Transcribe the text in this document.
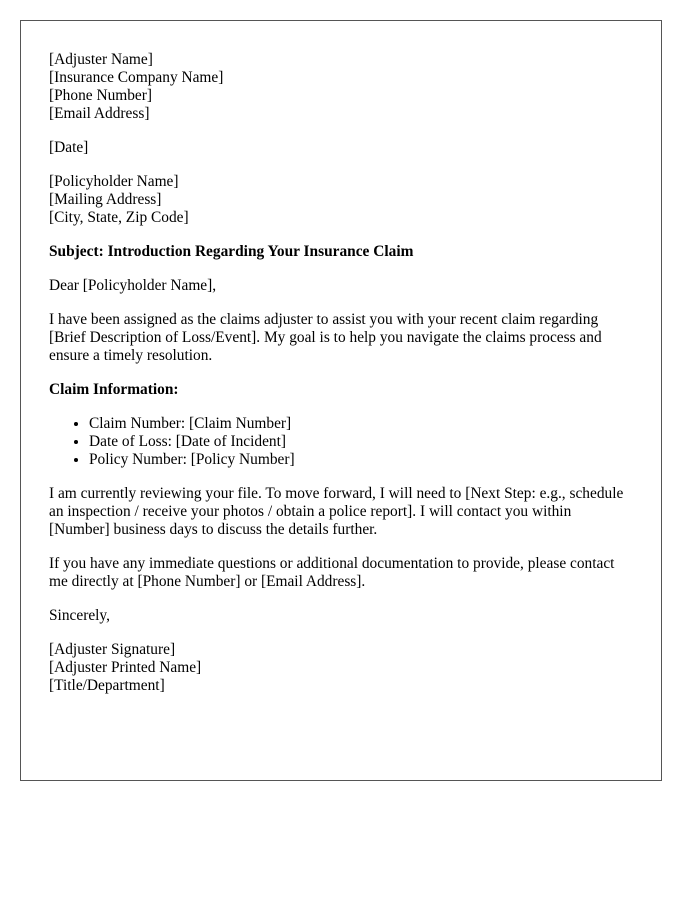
[Adjuster Name]
[Insurance Company Name]
[Phone Number]
[Email Address]
[Date]
[Policyholder Name]
[Mailing Address]
[City, State, Zip Code]
Subject: Introduction Regarding Your Insurance Claim
Dear [Policyholder Name],

I have been assigned as the claims adjuster to assist you with your recent claim regarding [Brief Description of Loss/Event]. My goal is to help you navigate the claims process and ensure a timely resolution.

Claim Information:
• Claim Number: [Claim Number]
• Date of Loss: [Date of Incident]
• Policy Number: [Policy Number]

I am currently reviewing your file. To move forward, I will need to [Next Step: e.g., schedule an inspection / receive your photos / obtain a police report]. I will contact you within [Number] business days to discuss the details further.

If you have any immediate questions or additional documentation to provide, please contact me directly at [Phone Number] or [Email Address].

Sincerely,
[Adjuster Signature]
[Adjuster Printed Name]
[Title/Department]
